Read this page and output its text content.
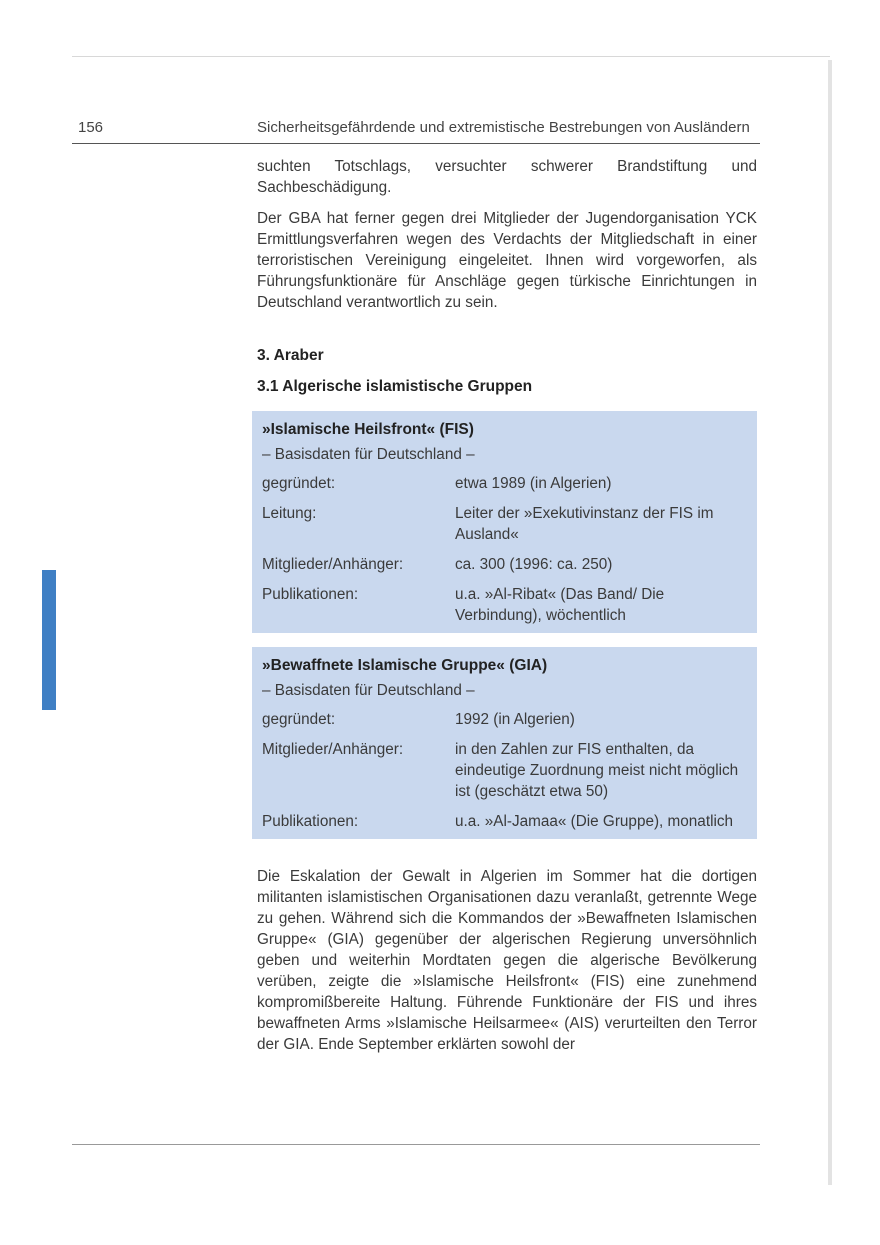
156	Sicherheitsgefährdende und extremistische Bestrebungen von Ausländern

suchten Totschlags, versuchter schwerer Brandstiftung und Sachbeschädigung.

Der GBA hat ferner gegen drei Mitglieder der Jugendorganisation YCK Ermittlungsverfahren wegen des Verdachts der Mitgliedschaft in einer terroristischen Vereinigung eingeleitet. Ihnen wird vorgeworfen, als Führungsfunktionäre für Anschläge gegen türkische Einrichtungen in Deutschland verantwortlich zu sein.

3. Araber
3.1 Algerische islamistische Gruppen
»Islamische Heilsfront« (FIS)
– Basisdaten für Deutschland –
gegründet:	etwa 1989 (in Algerien)
Leitung:	Leiter der »Exekutivinstanz der FIS im Ausland«
Mitglieder/Anhänger:	ca. 300 (1996: ca. 250)
Publikationen:	u.a. »Al-Ribat« (Das Band/ Die Verbindung), wöchentlich
»Bewaffnete Islamische Gruppe« (GIA)
– Basisdaten für Deutschland –
gegründet:	1992 (in Algerien)
Mitglieder/Anhänger:	in den Zahlen zur FIS enthalten, da eindeutige Zuordnung meist nicht möglich ist (geschätzt etwa 50)
Publikationen:	u.a. »Al-Jamaa« (Die Gruppe), monatlich

Die Eskalation der Gewalt in Algerien im Sommer hat die dortigen militanten islamistischen Organisationen dazu veranlaßt, getrennte Wege zu gehen. Während sich die Kommandos der »Bewaffneten Islamischen Gruppe« (GIA) gegenüber der algerischen Regierung unversöhnlich geben und weiterhin Mordtaten gegen die algerische Bevölkerung verüben, zeigte die »Islamische Heilsfront« (FIS) eine zunehmend kompromißbereite Haltung. Führende Funktionäre der FIS und ihres bewaffneten Arms »Islamische Heilsarmee« (AIS) verurteilten den Terror der GIA. Ende September erklärten sowohl der
